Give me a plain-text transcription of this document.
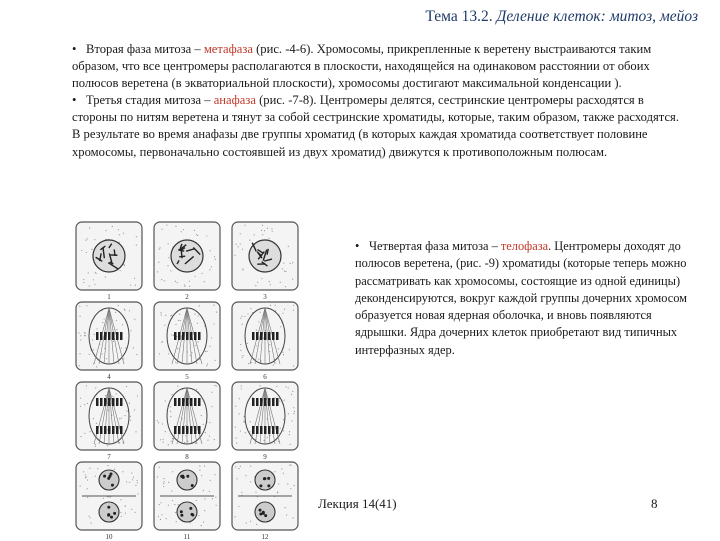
Тема 13.2. Деление клеток: митоз, мейоз

• Вторая фаза митоза – метафаза (рис. -4-6). Хромосомы, прикрепленные к веретену выстраиваются таким образом, что все центромеры располагаются в плоскости, находящейся на одинаковом расстоянии от обоих полюсов веретена (в экваториальной плоскости), хромосомы достигают максимальной конденсации ).

• Третья стадия митоза – анафаза (рис. -7-8). Центромеры делятся, сестринские центромеры расходятся в стороны по нитям веретена и тянут за собой сестринские хроматиды, которые, таким образом, также расходятся. В результате во время анафазы две группы хроматид (в которых каждая хроматида соответствует половине хромосомы, первоначально состоявшей из двух хроматид) движутся к противоположным полюсам.

1	2	3
4	5	6
7	8	9
10	11	12

• Четвертая фаза митоза – телофаза. Центромеры доходят до полюсов веретена, (рис. -9) хроматиды (которые теперь можно рассматривать как хромосомы, состоящие из одной единицы) деконденсируются, вокруг каждой группы дочерних хромосом образуется новая ядерная оболочка, и вновь появляются ядрышки. Ядра дочерних клеток приобретают вид типичных интерфазных ядер.

Лекция 14(41)	8
